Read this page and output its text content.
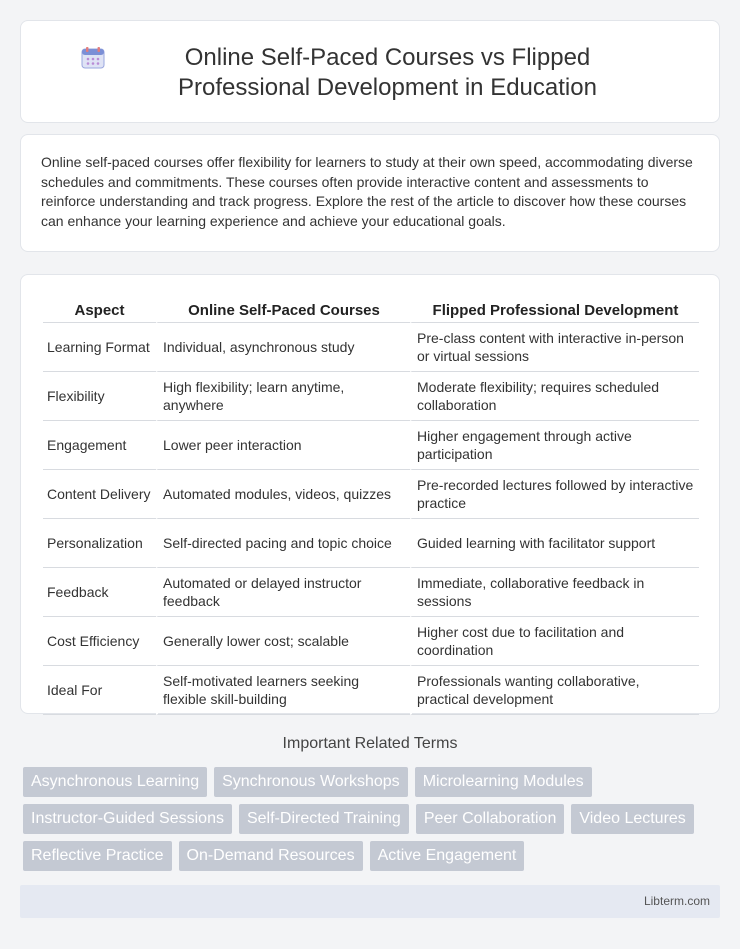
Online Self-Paced Courses vs Flipped Professional Development in Education

Online self-paced courses offer flexibility for learners to study at their own speed, accommodating diverse schedules and commitments. These courses often provide interactive content and assessments to reinforce understanding and track progress. Explore the rest of the article to discover how these courses can enhance your learning experience and achieve your educational goals.

Aspect	Online Self-Paced Courses	Flipped Professional Development
Learning Format	Individual, asynchronous study	Pre-class content with interactive in-person or virtual sessions
Flexibility	High flexibility; learn anytime, anywhere	Moderate flexibility; requires scheduled collaboration
Engagement	Lower peer interaction	Higher engagement through active participation
Content Delivery	Automated modules, videos, quizzes	Pre-recorded lectures followed by interactive practice
Personalization	Self-directed pacing and topic choice	Guided learning with facilitator support
Feedback	Automated or delayed instructor feedback	Immediate, collaborative feedback in sessions
Cost Efficiency	Generally lower cost; scalable	Higher cost due to facilitation and coordination
Ideal For	Self-motivated learners seeking flexible skill-building	Professionals wanting collaborative, practical development
Important Related Terms
Asynchronous Learning	Synchronous Workshops	Microlearning Modules
Instructor-Guided Sessions	Self-Directed Training	Peer Collaboration	Video Lectures
Reflective Practice	On-Demand Resources	Active Engagement
Libterm.com
